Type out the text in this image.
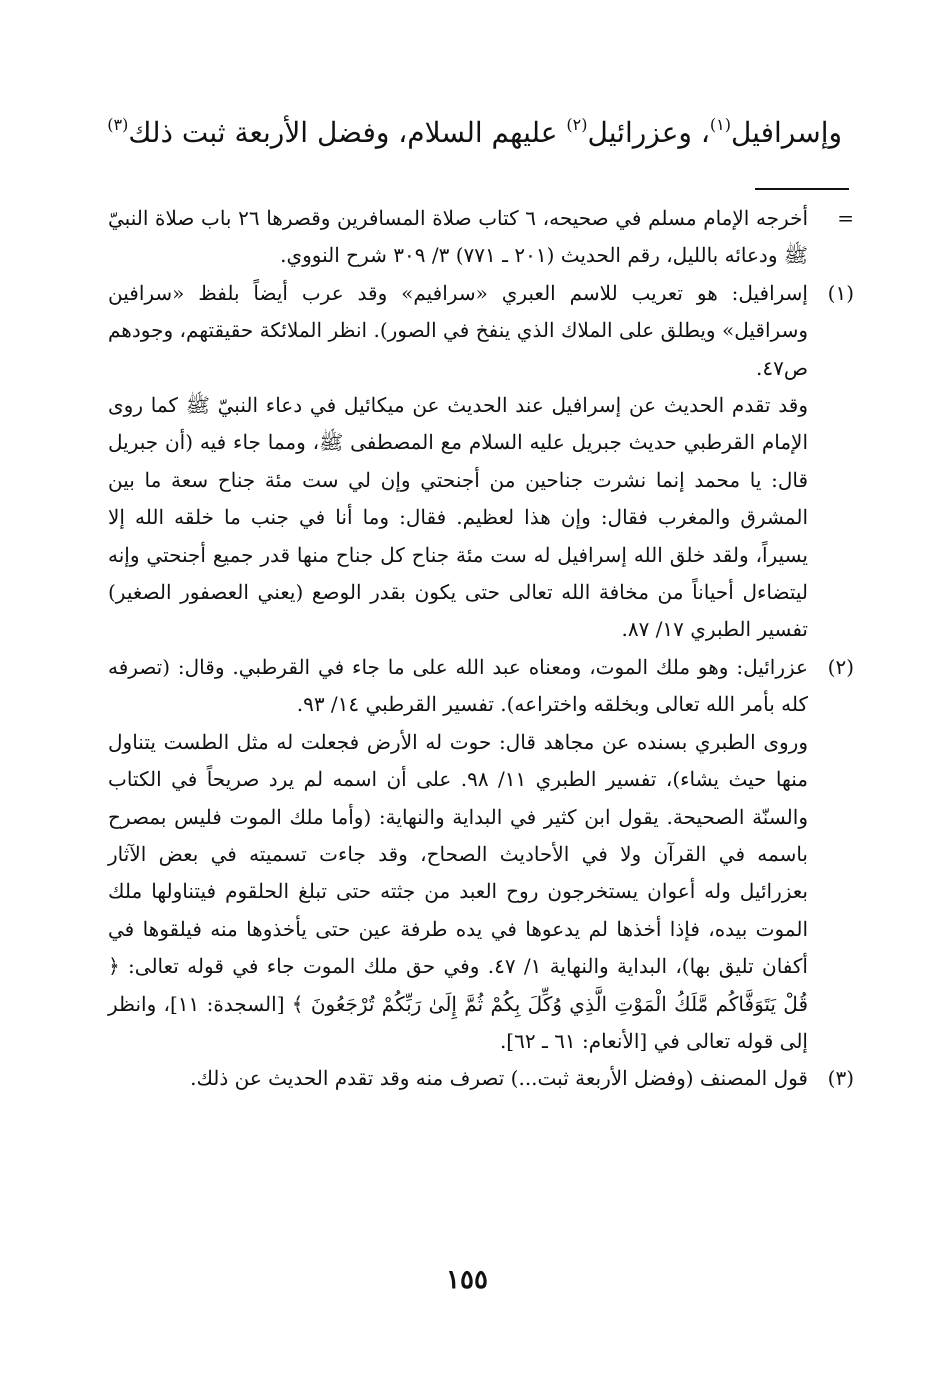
وإسرافيل$^{(١)}$، وعزرائيل$^{(٢)}$ عليهم السلام، وفضل الأربعة ثبت ذلك$^{(٣)}$
=

أخرجه الإمام مسلم في صحيحه، ٦ كتاب صلاة المسافرين وقصرها ٢٦ باب صلاة النبيّ ﷺ ودعائه بالليل، رقم الحديث (٢٠١ ـ ٧٧١) ٣/ ٣٠٩ شرح النووي.

(١)

إسرافيل: هو تعريب للاسم العبري «سرافيم» وقد عرب أيضاً بلفظ «سرافين وسراقيل» ويطلق على الملاك الذي ينفخ في الصور). انظر الملائكة حقيقتهم، وجودهم ص٤٧.

وقد تقدم الحديث عن إسرافيل عند الحديث عن ميكائيل في دعاء النبيّ ﷺ كما روى الإمام القرطبي حديث جبريل عليه السلام مع المصطفى ﷺ، ومما جاء فيه (أن جبريل قال: يا محمد إنما نشرت جناحين من أجنحتي وإن لي ست مئة جناح سعة ما بين المشرق والمغرب فقال: وإن هذا لعظيم. فقال: وما أنا في جنب ما خلقه الله إلا يسيراً، ولقد خلق الله إسرافيل له ست مئة جناح كل جناح منها قدر جميع أجنحتي وإنه ليتضاءل أحياناً من مخافة الله تعالى حتى يكون بقدر الوصع (يعني العصفور الصغير) تفسير الطبري ١٧/ ٨٧.

(٢)

عزرائيل: وهو ملك الموت، ومعناه عبد الله على ما جاء في القرطبي. وقال: (تصرفه كله بأمر الله تعالى وبخلقه واختراعه). تفسير القرطبي ١٤/ ٩٣.

وروى الطبري بسنده عن مجاهد قال: حوت له الأرض فجعلت له مثل الطست يتناول منها حيث يشاء)، تفسير الطبري ١١/ ٩٨. على أن اسمه لم يرد صريحاً في الكتاب والسنّة الصحيحة. يقول ابن كثير في البداية والنهاية: (وأما ملك الموت فليس بمصرح باسمه في القرآن ولا في الأحاديث الصحاح، وقد جاءت تسميته في بعض الآثار بعزرائيل وله أعوان يستخرجون روح العبد من جثته حتى تبلغ الحلقوم فيتناولها ملك الموت بيده، فإذا أخذها لم يدعوها في يده طرفة عين حتى يأخذوها منه فيلقوها في أكفان تليق بها)، البداية والنهاية ١/ ٤٧. وفي حق ملك الموت جاء في قوله تعالى: ﴿ قُلْ يَتَوَفَّاكُم مَّلَكُ الْمَوْتِ الَّذِي وُكِّلَ بِكُمْ ثُمَّ إِلَىٰ رَبِّكُمْ تُرْجَعُونَ ﴾ [السجدة: ١١]، وانظر إلى قوله تعالى في [الأنعام: ٦١ ـ ٦٢].

(٣)

قول المصنف (وفضل الأربعة ثبت...) تصرف منه وقد تقدم الحديث عن ذلك.

١٥٥
